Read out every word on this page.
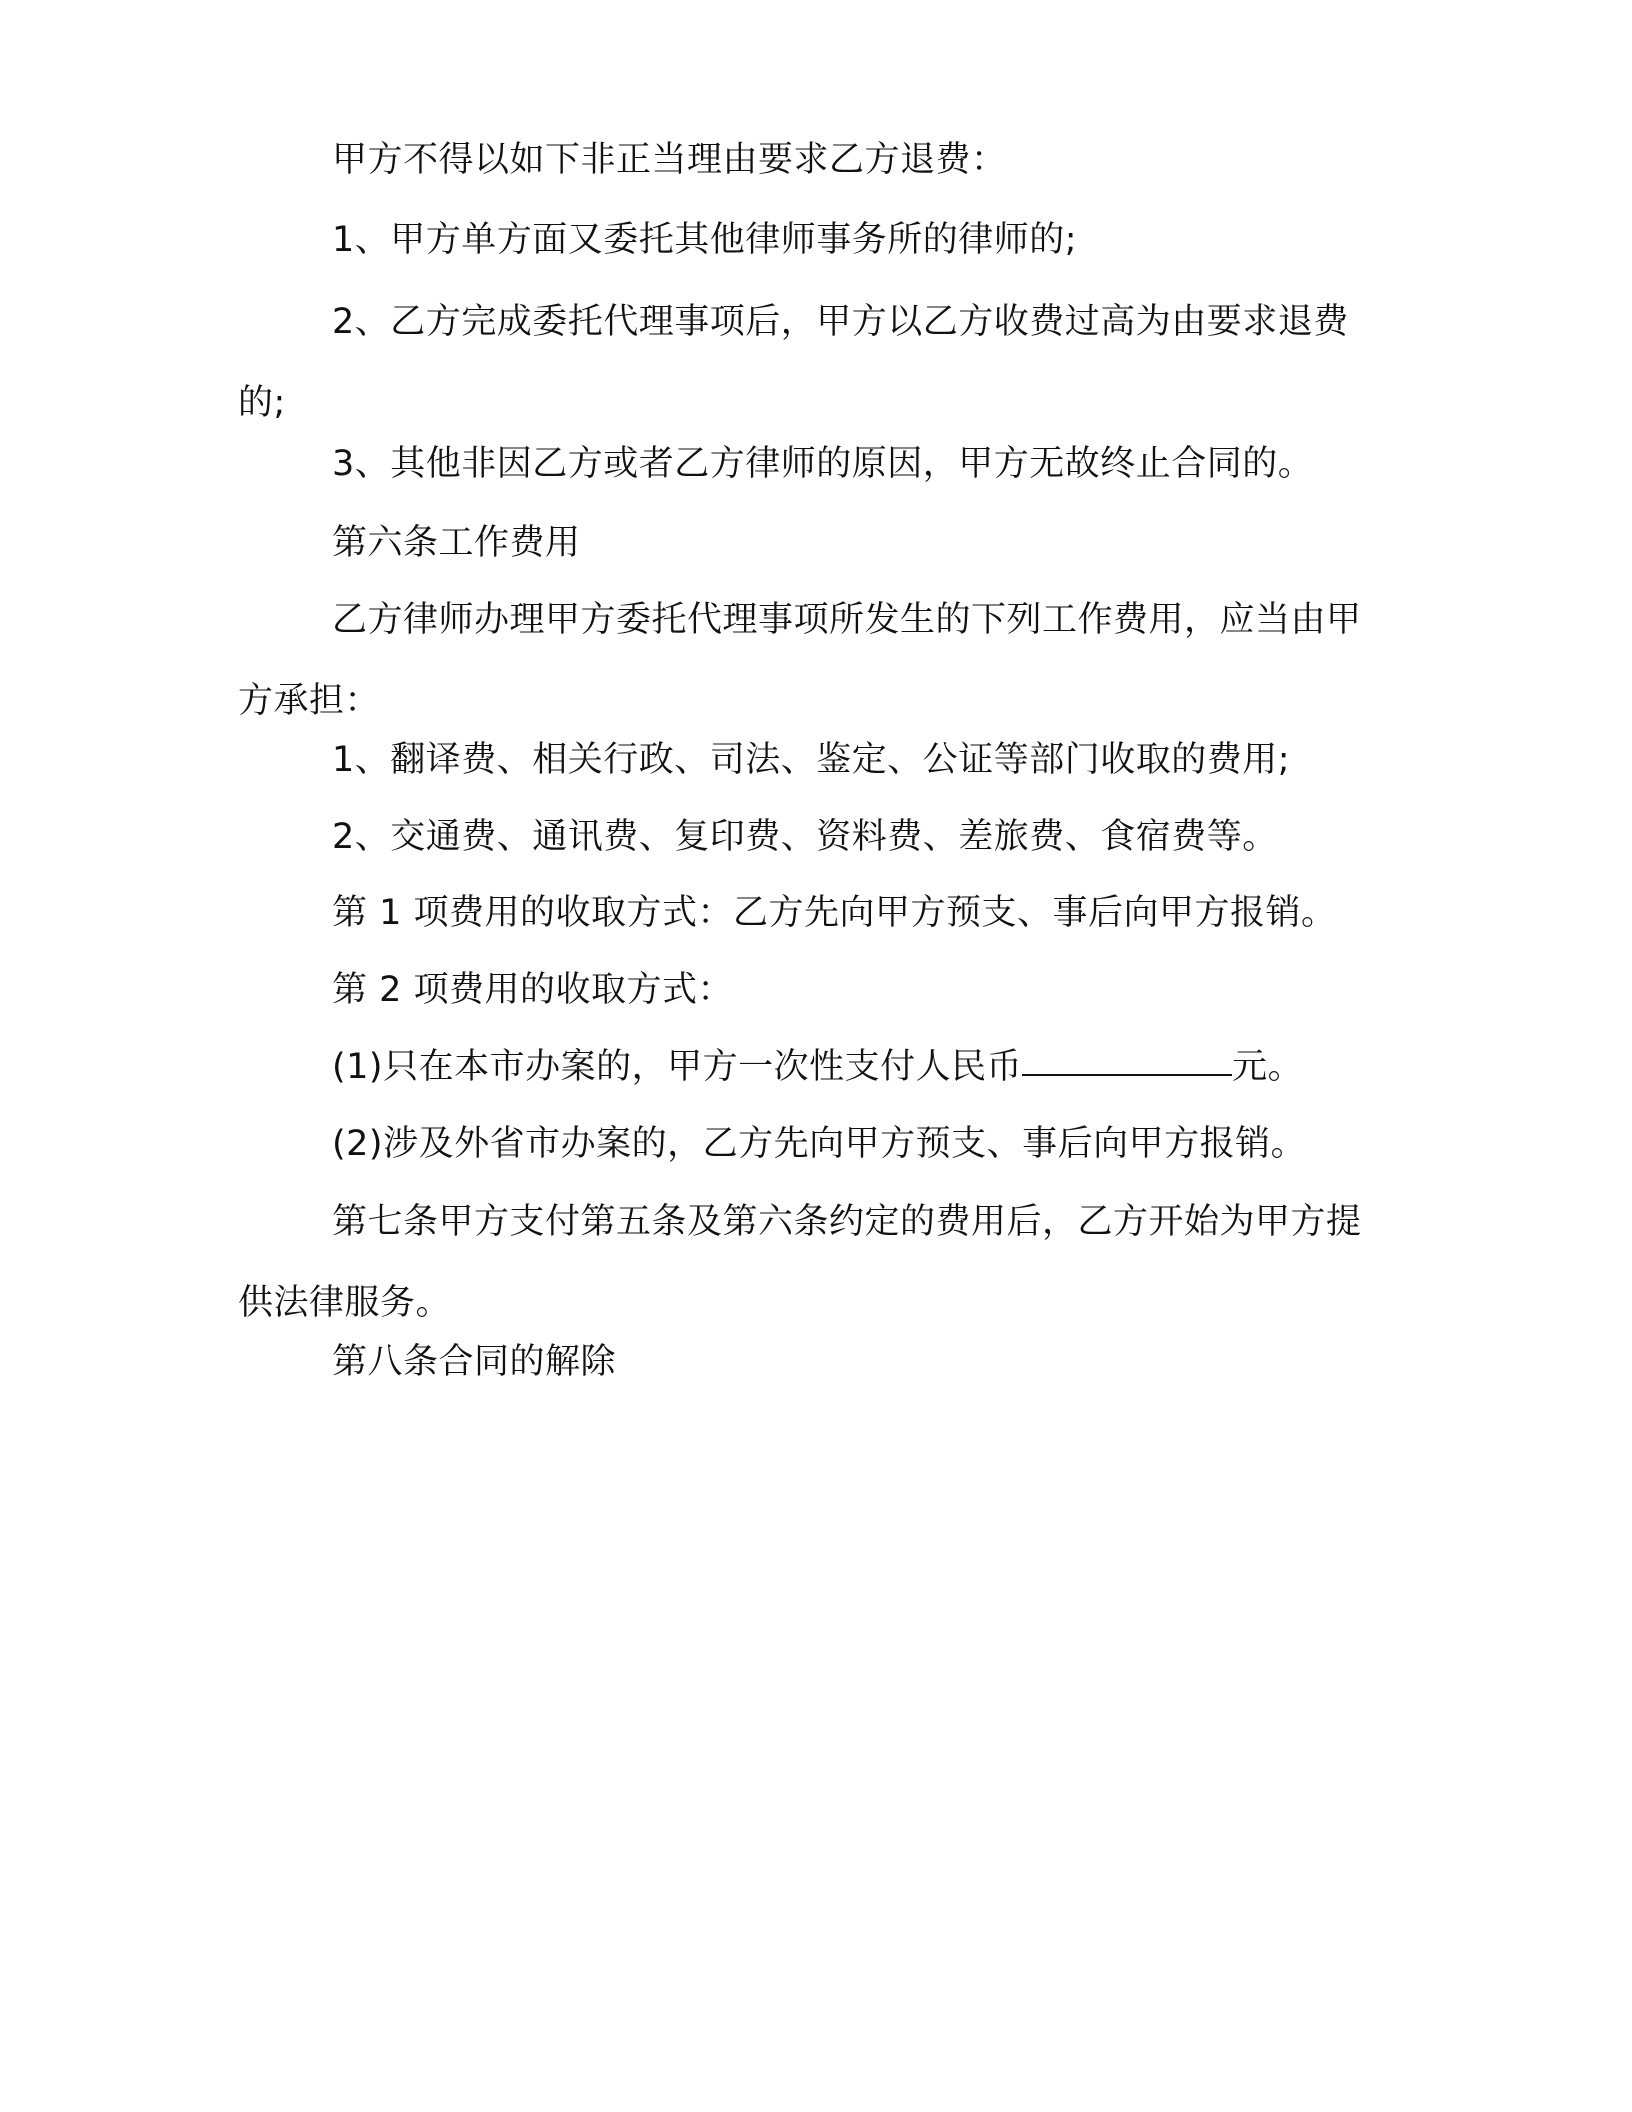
甲方不得以如下非正当理由要求乙方退费：

1、甲方单方面又委托其他律师事务所的律师的;

2、乙方完成委托代理事项后，甲方以乙方收费过高为由要求退费的;

3、其他非因乙方或者乙方律师的原因，甲方无故终止合同的。

第六条工作费用

乙方律师办理甲方委托代理事项所发生的下列工作费用，应当由甲方承担：

1、翻译费、相关行政、司法、鉴定、公证等部门收取的费用;

2、交通费、通讯费、复印费、资料费、差旅费、食宿费等。

第 1 项费用的收取方式：乙方先向甲方预支、事后向甲方报销。

第 2 项费用的收取方式：

(1)只在本市办案的，甲方一次性支付人民币	元。

(2)涉及外省市办案的，乙方先向甲方预支、事后向甲方报销。

第七条甲方支付第五条及第六条约定的费用后，乙方开始为甲方提供法律服务。

第八条合同的解除
